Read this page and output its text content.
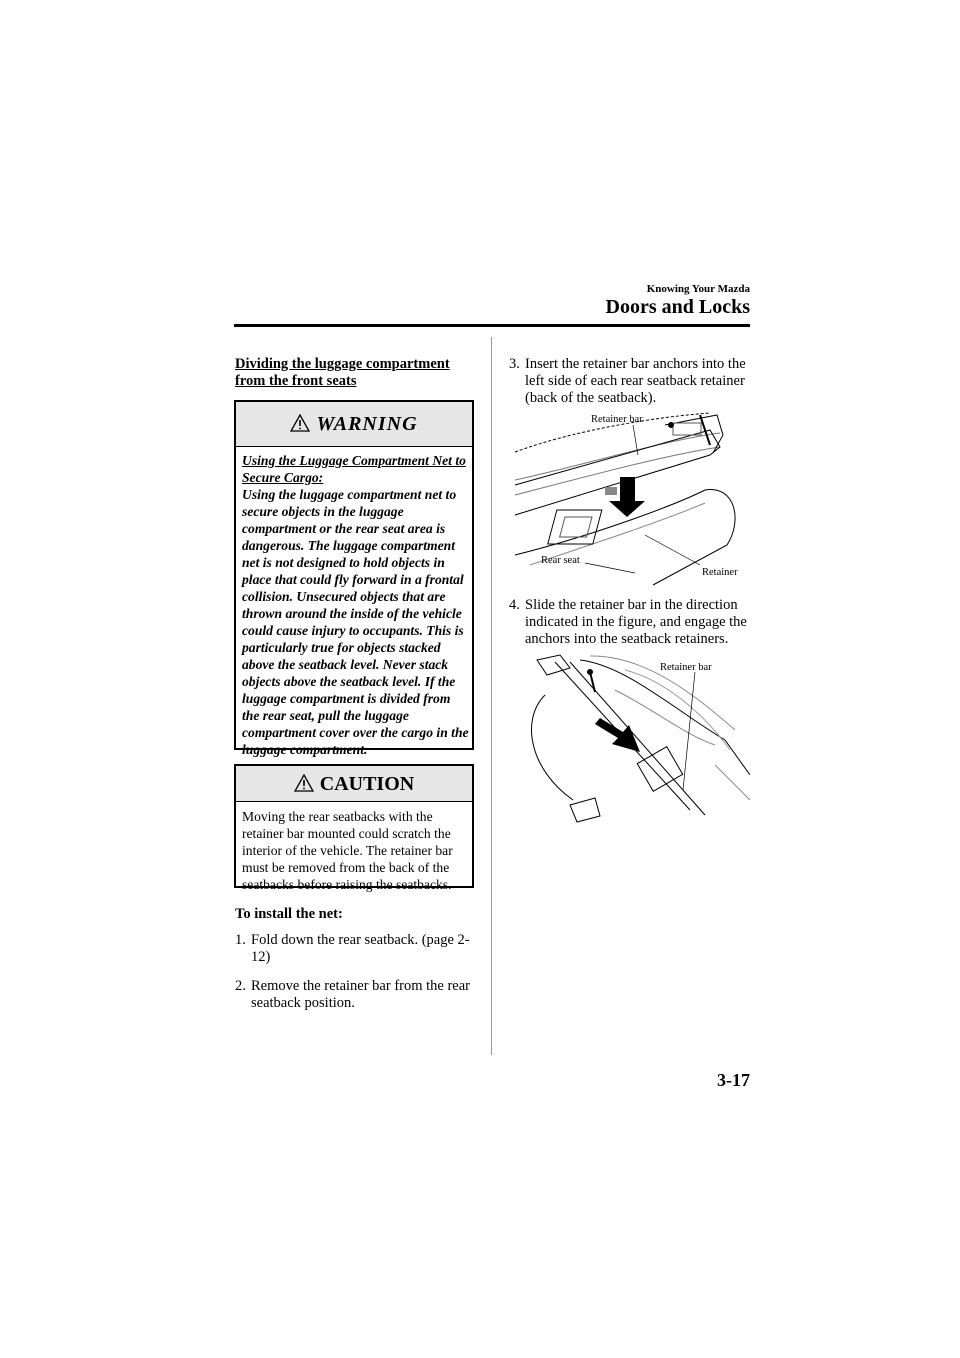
Knowing Your Mazda
Doors and Locks
Dividing the luggage compartment from the front seats
WARNING
Using the Luggage Compartment Net to Secure Cargo:
Using the luggage compartment net to secure objects in the luggage compartment or the rear seat area is dangerous. The luggage compartment net is not designed to hold objects in place that could fly forward in a frontal collision. Unsecured objects that are thrown around the inside of the vehicle could cause injury to occupants. This is particularly true for objects stacked above the seatback level. Never stack objects above the seatback level. If the luggage compartment is divided from the rear seat, pull the luggage compartment cover over the cargo in the luggage compartment.
CAUTION
Moving the rear seatbacks with the retainer bar mounted could scratch the interior of the vehicle. The retainer bar must be removed from the back of the seatbacks before raising the seatbacks.
To install the net:
1. Fold down the rear seatback. (page 2-12)
2. Remove the retainer bar from the rear seatback position.
3. Insert the retainer bar anchors into the left side of each rear seatback retainer (back of the seatback).
Retainer bar
Rear seat
Retainer
4. Slide the retainer bar in the direction indicated in the figure, and engage the anchors into the seatback retainers.
Retainer bar
3-17
